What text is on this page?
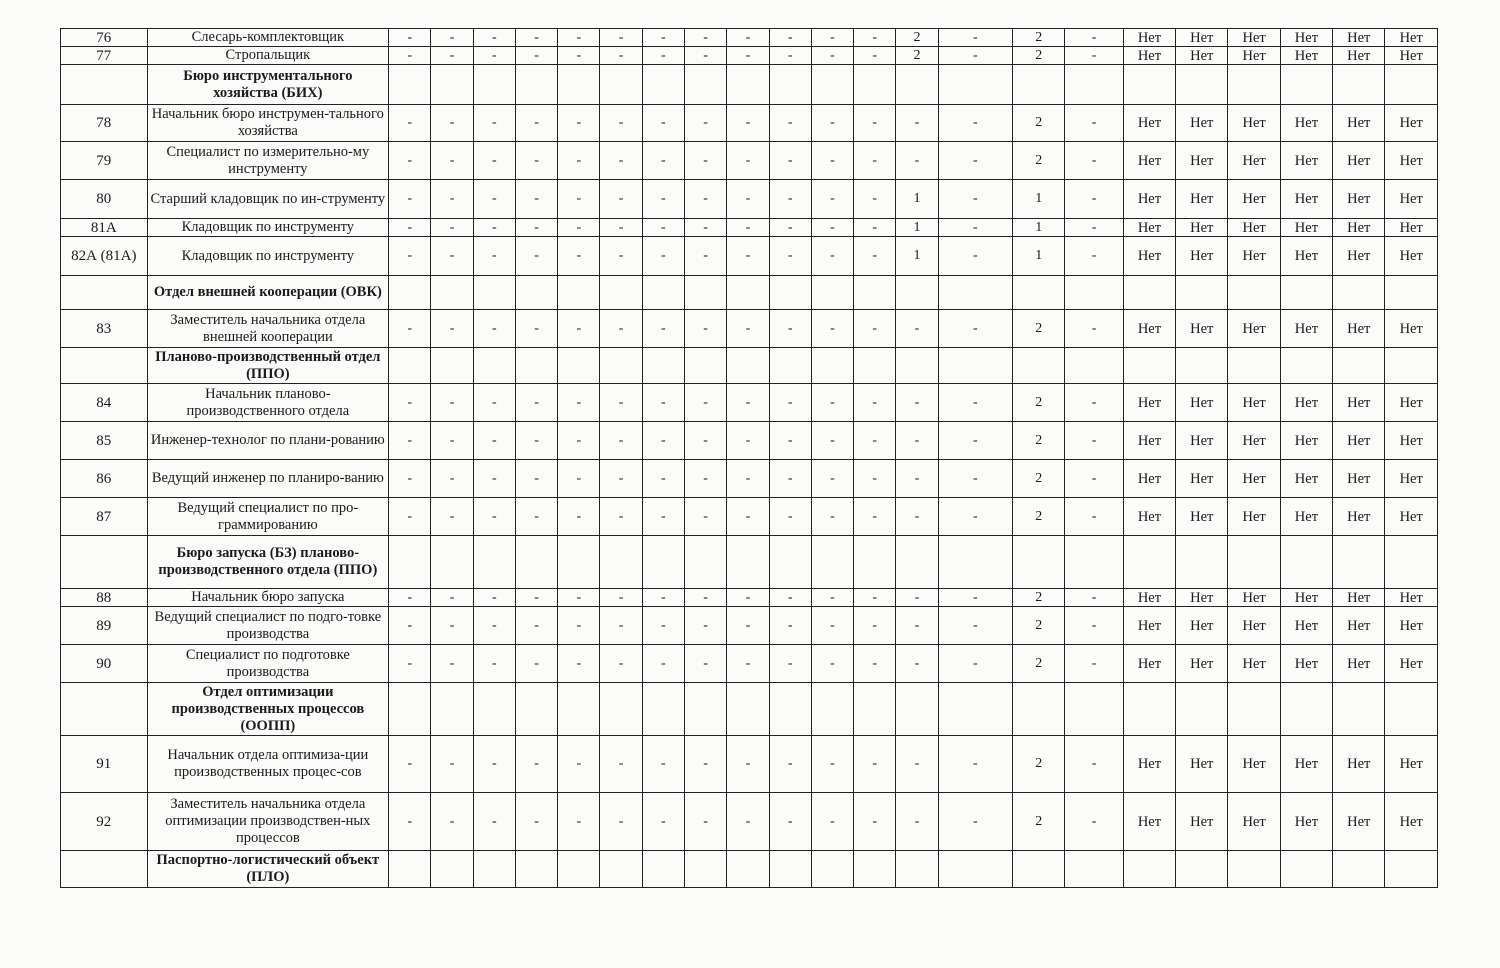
76	Слесарь-комплектовщик	-	-	-	-	-	-	-	-	-	-	-	-	2	-	2	-	Нет	Нет	Нет	Нет	Нет	Нет
77	Стропальщик	-	-	-	-	-	-	-	-	-	-	-	-	2	-	2	-	Нет	Нет	Нет	Нет	Нет	Нет
	Бюро инструментального хозяйства (БИХ)																						
78	Начальник бюро инструмен-тального хозяйства	-	-	-	-	-	-	-	-	-	-	-	-	-	-	2	-	Нет	Нет	Нет	Нет	Нет	Нет
79	Специалист по измерительно-му инструменту	-	-	-	-	-	-	-	-	-	-	-	-	-	-	2	-	Нет	Нет	Нет	Нет	Нет	Нет
80	Старший кладовщик по ин-струменту	-	-	-	-	-	-	-	-	-	-	-	-	1	-	1	-	Нет	Нет	Нет	Нет	Нет	Нет
81А	Кладовщик по инструменту	-	-	-	-	-	-	-	-	-	-	-	-	1	-	1	-	Нет	Нет	Нет	Нет	Нет	Нет
82А (81А)	Кладовщик по инструменту	-	-	-	-	-	-	-	-	-	-	-	-	1	-	1	-	Нет	Нет	Нет	Нет	Нет	Нет
	Отдел внешней кооперации (ОВК)																						
83	Заместитель начальника отдела внешней кооперации	-	-	-	-	-	-	-	-	-	-	-	-	-	-	2	-	Нет	Нет	Нет	Нет	Нет	Нет
	Планово-производственный отдел (ППО)																						
84	Начальник планово-производственного отдела	-	-	-	-	-	-	-	-	-	-	-	-	-	-	2	-	Нет	Нет	Нет	Нет	Нет	Нет
85	Инженер-технолог по плани-рованию	-	-	-	-	-	-	-	-	-	-	-	-	-	-	2	-	Нет	Нет	Нет	Нет	Нет	Нет
86	Ведущий инженер по планиро-ванию	-	-	-	-	-	-	-	-	-	-	-	-	-	-	2	-	Нет	Нет	Нет	Нет	Нет	Нет
87	Ведущий специалист по про-граммированию	-	-	-	-	-	-	-	-	-	-	-	-	-	-	2	-	Нет	Нет	Нет	Нет	Нет	Нет
	Бюро запуска (БЗ) планово-производственного отдела (ППО)																						
88	Начальник бюро запуска	-	-	-	-	-	-	-	-	-	-	-	-	-	-	2	-	Нет	Нет	Нет	Нет	Нет	Нет
89	Ведущий специалист по подго-товке производства	-	-	-	-	-	-	-	-	-	-	-	-	-	-	2	-	Нет	Нет	Нет	Нет	Нет	Нет
90	Специалист по подготовке производства	-	-	-	-	-	-	-	-	-	-	-	-	-	-	2	-	Нет	Нет	Нет	Нет	Нет	Нет
	Отдел оптимизации производственных процессов (ООПП)																						
91	Начальник отдела оптимиза-ции производственных процес-сов	-	-	-	-	-	-	-	-	-	-	-	-	-	-	2	-	Нет	Нет	Нет	Нет	Нет	Нет
92	Заместитель начальника отдела оптимизации производствен-ных процессов	-	-	-	-	-	-	-	-	-	-	-	-	-	-	2	-	Нет	Нет	Нет	Нет	Нет	Нет
	Паспортно-логистический объект (ПЛО)																						
